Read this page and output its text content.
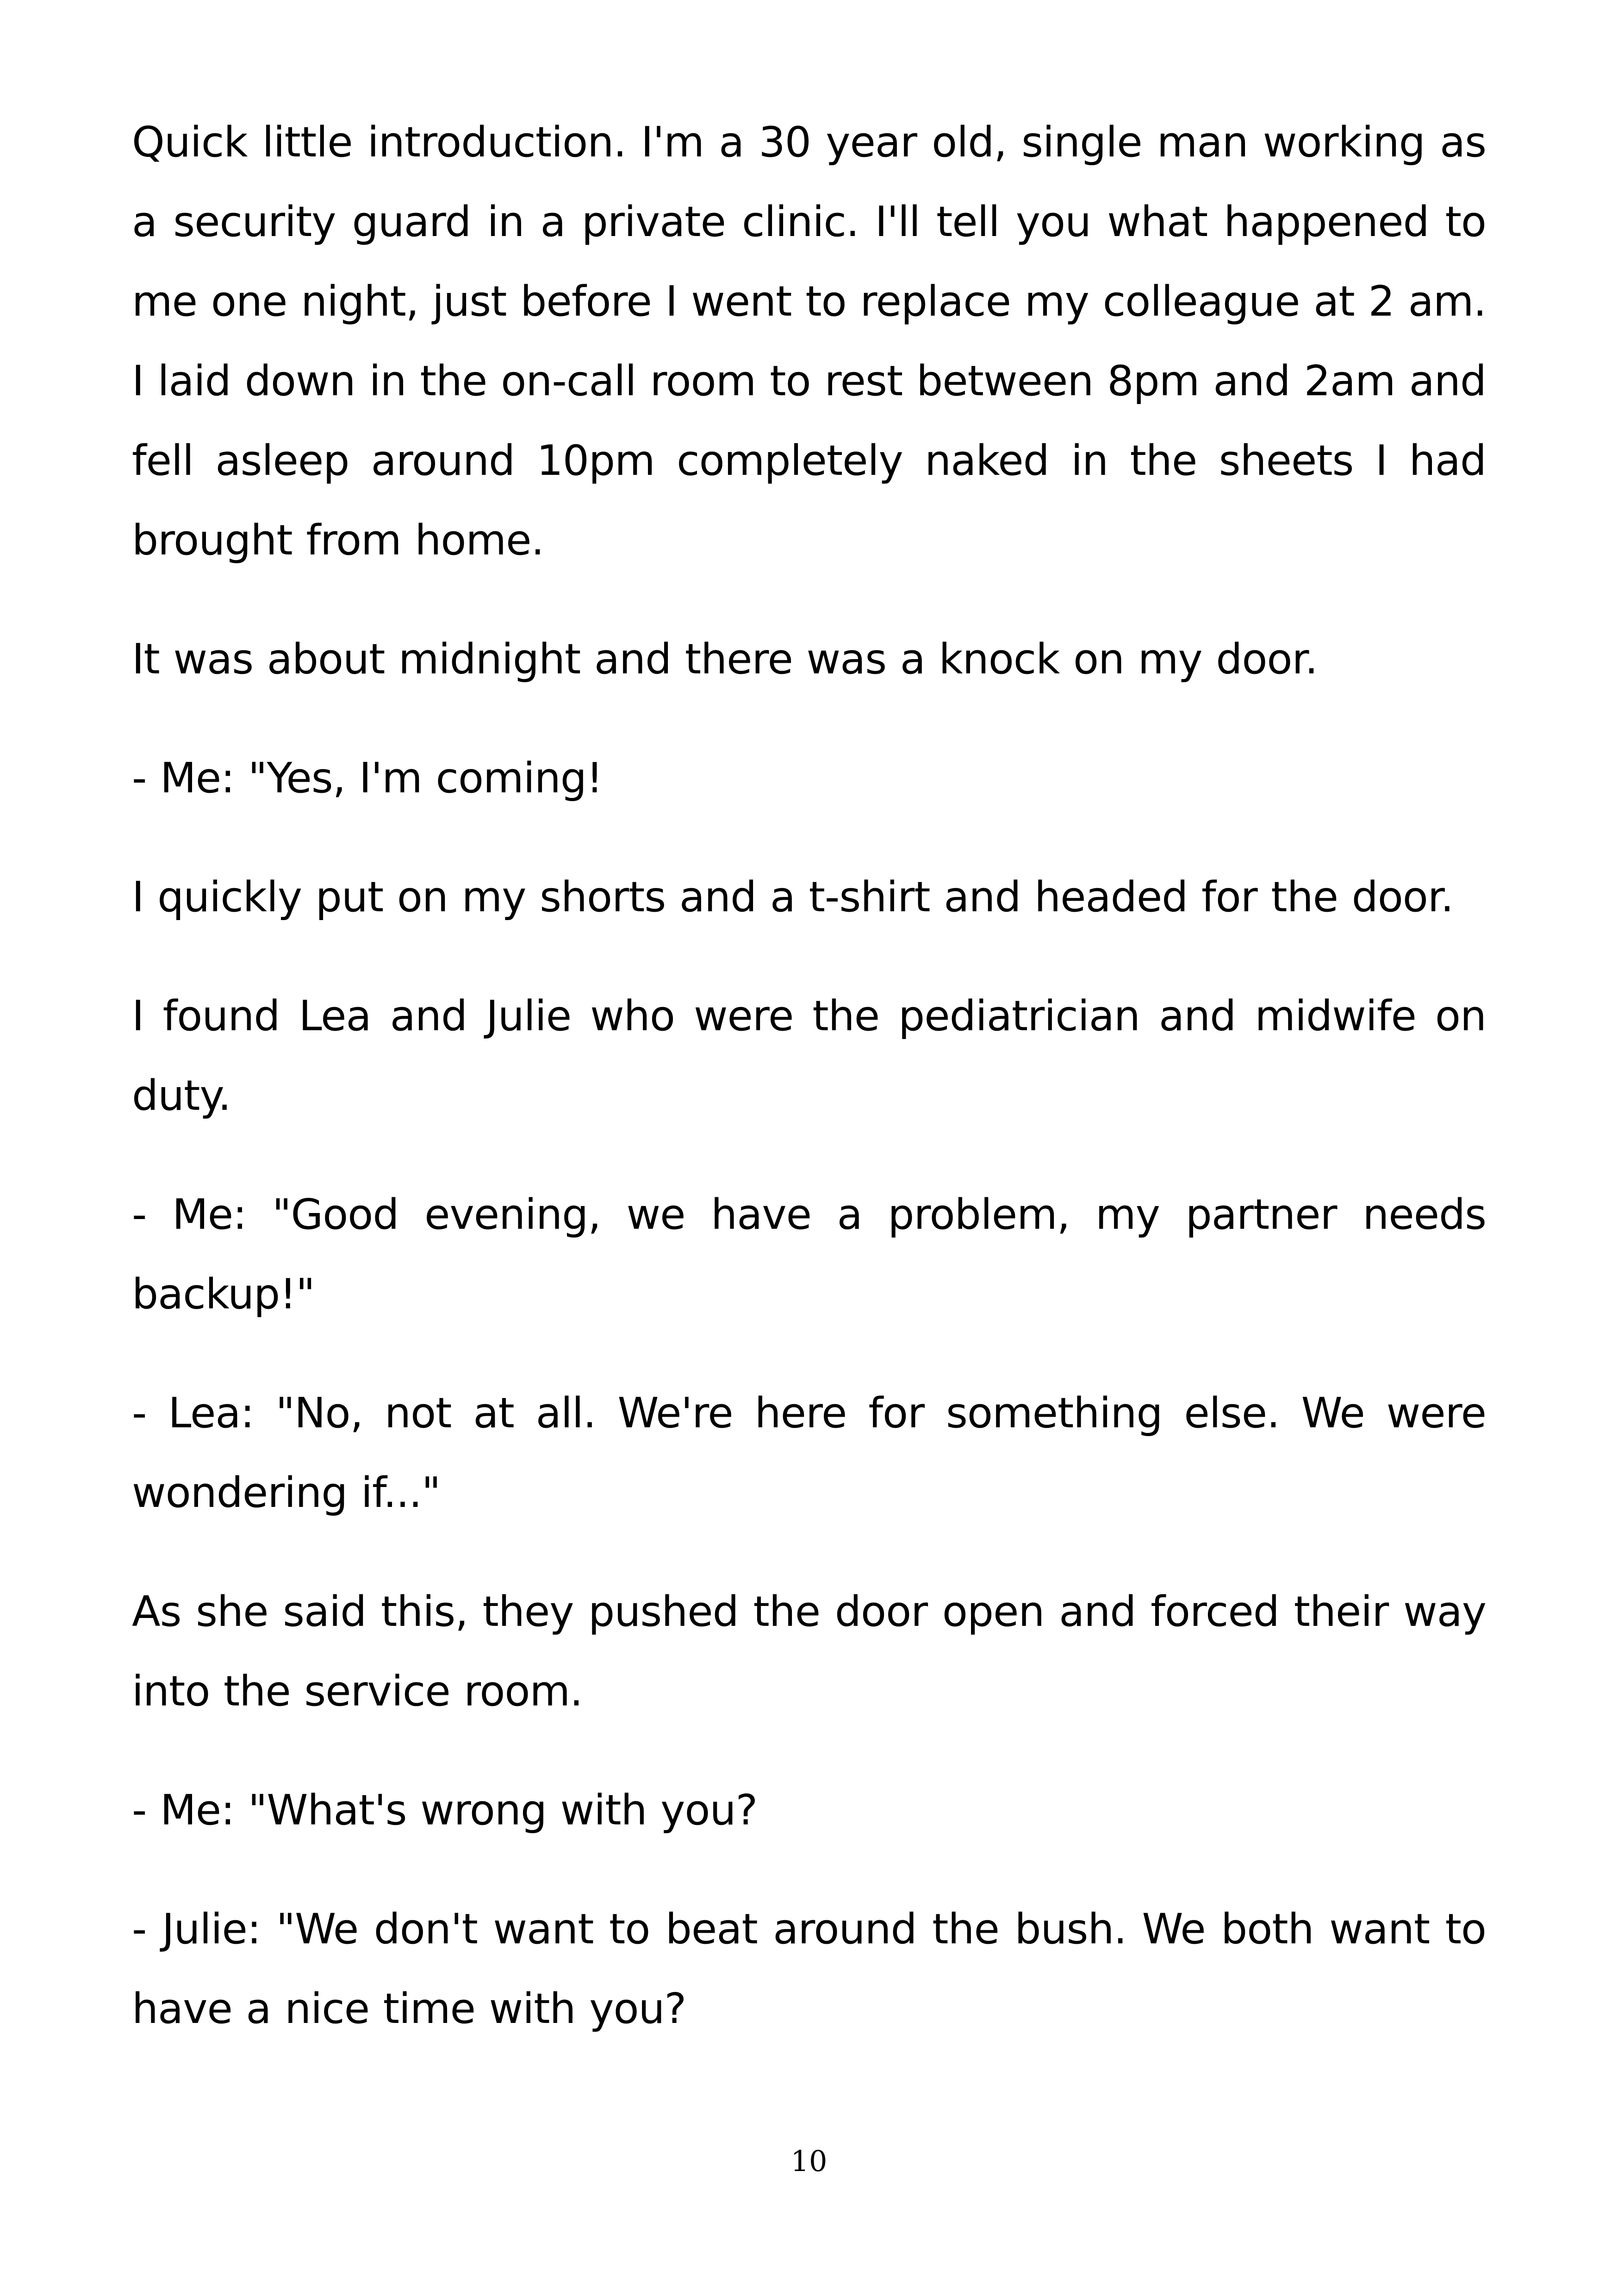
Quick little introduction. I'm a 30 year old, single man working as a security guard in a private clinic. I'll tell you what happened to me one night, just before I went to replace my colleague at 2 am. I laid down in the on-call room to rest between 8pm and 2am and fell asleep around 10pm completely naked in the sheets I had brought from home.

It was about midnight and there was a knock on my door.

- Me: "Yes, I'm coming!

I quickly put on my shorts and a t-shirt and headed for the door.

I found Lea and Julie who were the pediatrician and midwife on duty.

- Me: "Good evening, we have a problem, my partner needs backup!"

- Lea: "No, not at all. We're here for something else. We were wondering if..."

As she said this, they pushed the door open and forced their way into the service room.

- Me: "What's wrong with you?

- Julie: "We don't want to beat around the bush. We both want to have a nice time with you?

10
